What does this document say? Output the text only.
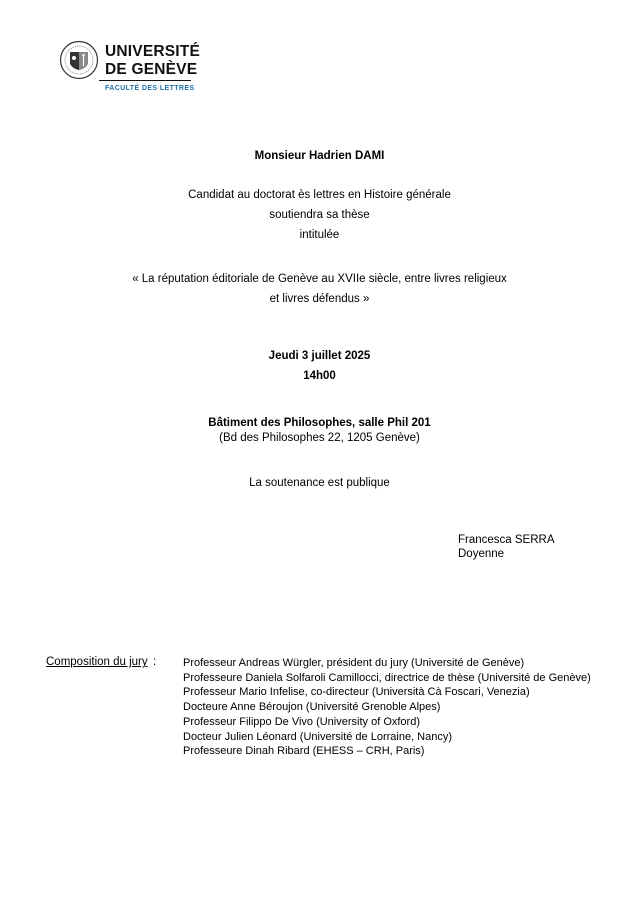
UNIVERSITÉ
DE GENÈVE
FACULTÉ DES LETTRES
Monsieur Hadrien DAMI
Candidat au doctorat ès lettres en Histoire générale
soutiendra sa thèse
intitulée
« La réputation éditoriale de Genève au XVIIe siècle, entre livres religieux
et livres défendus »
Jeudi 3 juillet 2025
14h00
Bâtiment des Philosophes, salle Phil 201
(Bd des Philosophes 22, 1205 Genève)
La soutenance est publique
Francesca SERRA
Doyenne
Composition du jury : Professeur Andreas Würgler, président du jury (Université de Genève)
Professeure Daniela Solfaroli Camillocci, directrice de thèse (Université de Genève)
Professeur Mario Infelise, co-directeur (Università Cà Foscari, Venezia)
Docteure Anne Béroujon (Université Grenoble Alpes)
Professeur Filippo De Vivo (University of Oxford)
Docteur Julien Léonard (Université de Lorraine, Nancy)
Professeure Dinah Ribard (EHESS – CRH, Paris)
